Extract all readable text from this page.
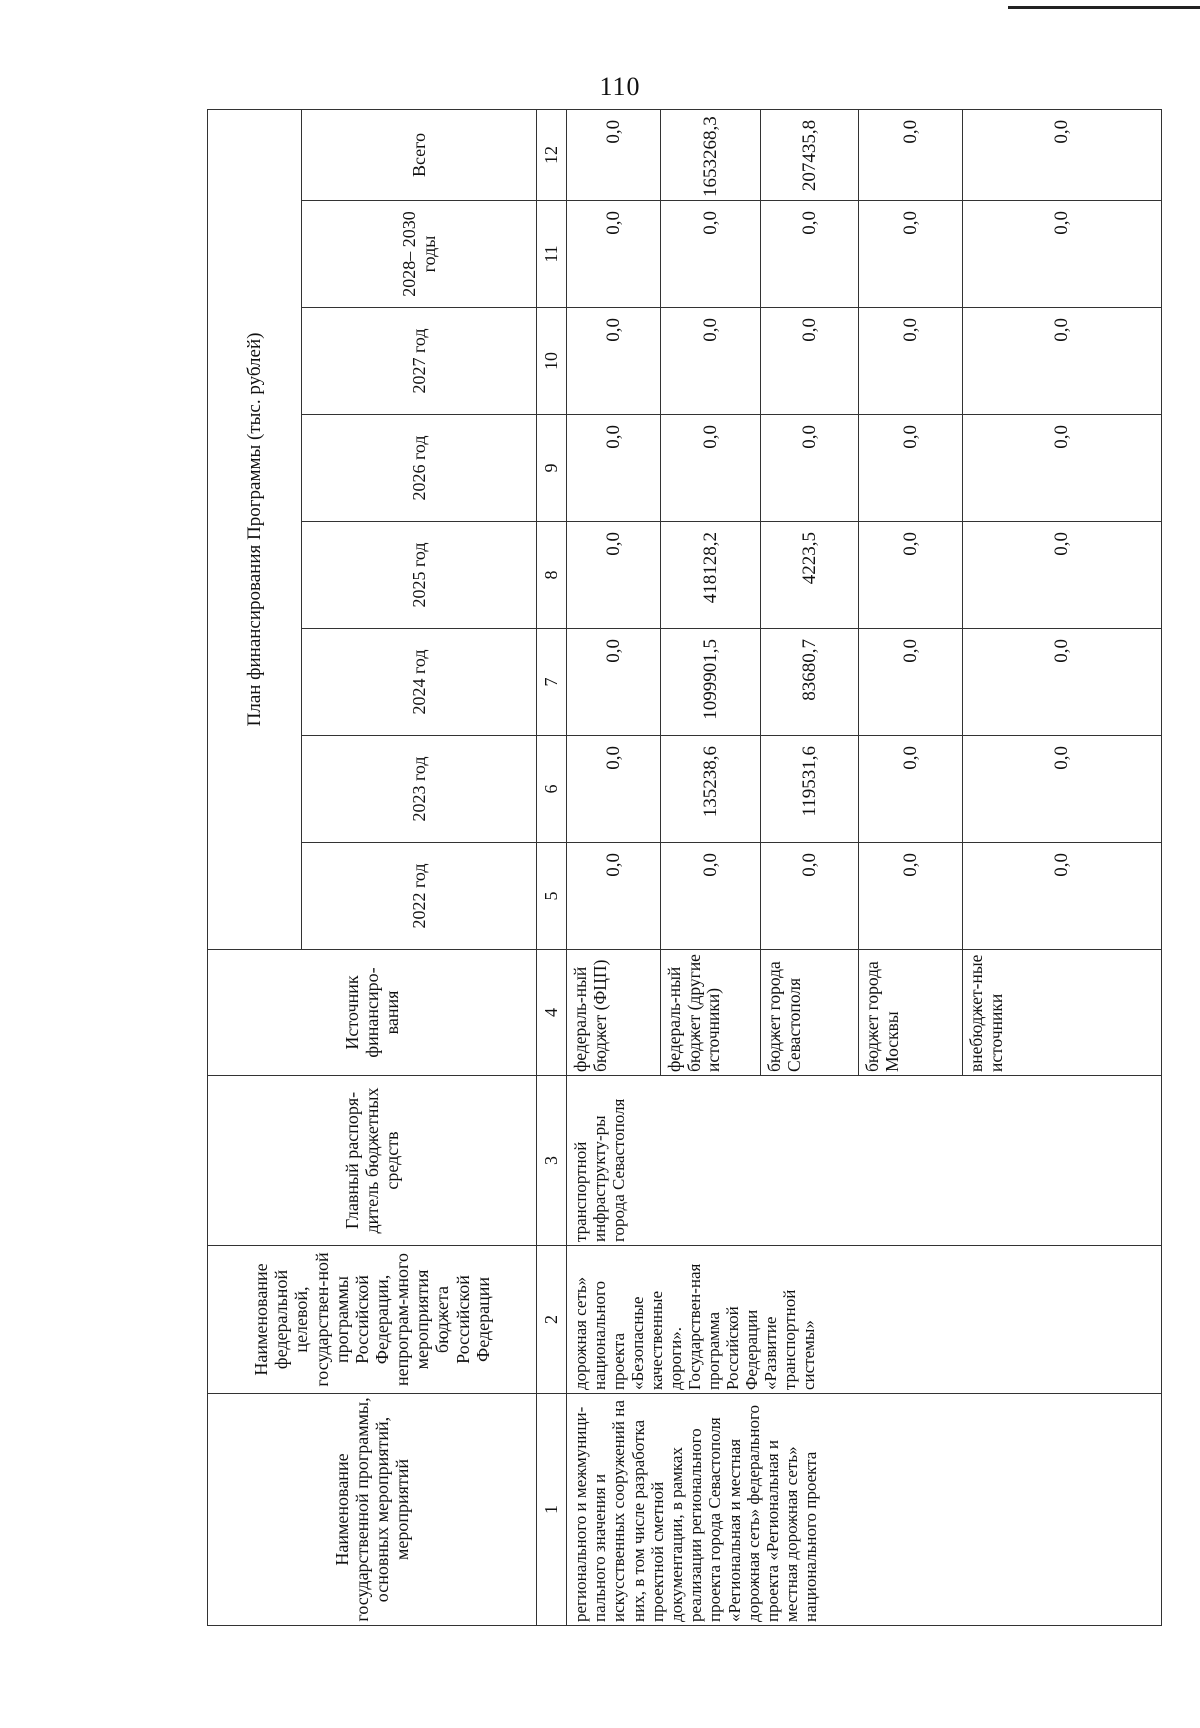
110
Наименование государственной программы, основных мероприятий, мероприятий	Наименование федеральной целевой, государствен-ной программы Российской Федерации, непрограм-много мероприятия бюджета Российской Федерации	Главный распоря-дитель бюджетных средств	Источник финансиро-вания	План финансирования Программы (тыс. рублей)							
				2022 год	2023 год	2024 год	2025 год	2026 год	2027 год	2028– 2030 годы	Всего
1	2	3	4	5	6	7	8	9	10	11	12
регионального и межмуници-пального значения и искусственных сооружений на них, в том числе разработка проектной сметной документации, в рамках реализации регионального проекта города Севастополя «Региональная и местная дорожная сеть» федерального проекта «Региональная и местная дорожная сеть» национального проекта	дорожная сеть» национального проекта «Безопасные качественные дороги». Государствен-ная программа Российской Федерации «Развитие транспортной системы»	транспортной инфраструкту-ры города Севастополя	федераль-ный бюджет (ФЦП)	0,0	0,0	0,0	0,0	0,0	0,0	0,0	0,0
			федераль-ный бюджет (другие источники)	0,0	135238,6	1099901,5	418128,2	0,0	0,0	0,0	1653268,3
			бюджет города Севастополя	0,0	119531,6	83680,7	4223,5	0,0	0,0	0,0	207435,8
			бюджет города Москвы	0,0	0,0	0,0	0,0	0,0	0,0	0,0	0,0
			внебюджет-ные источники	0,0	0,0	0,0	0,0	0,0	0,0	0,0	0,0
